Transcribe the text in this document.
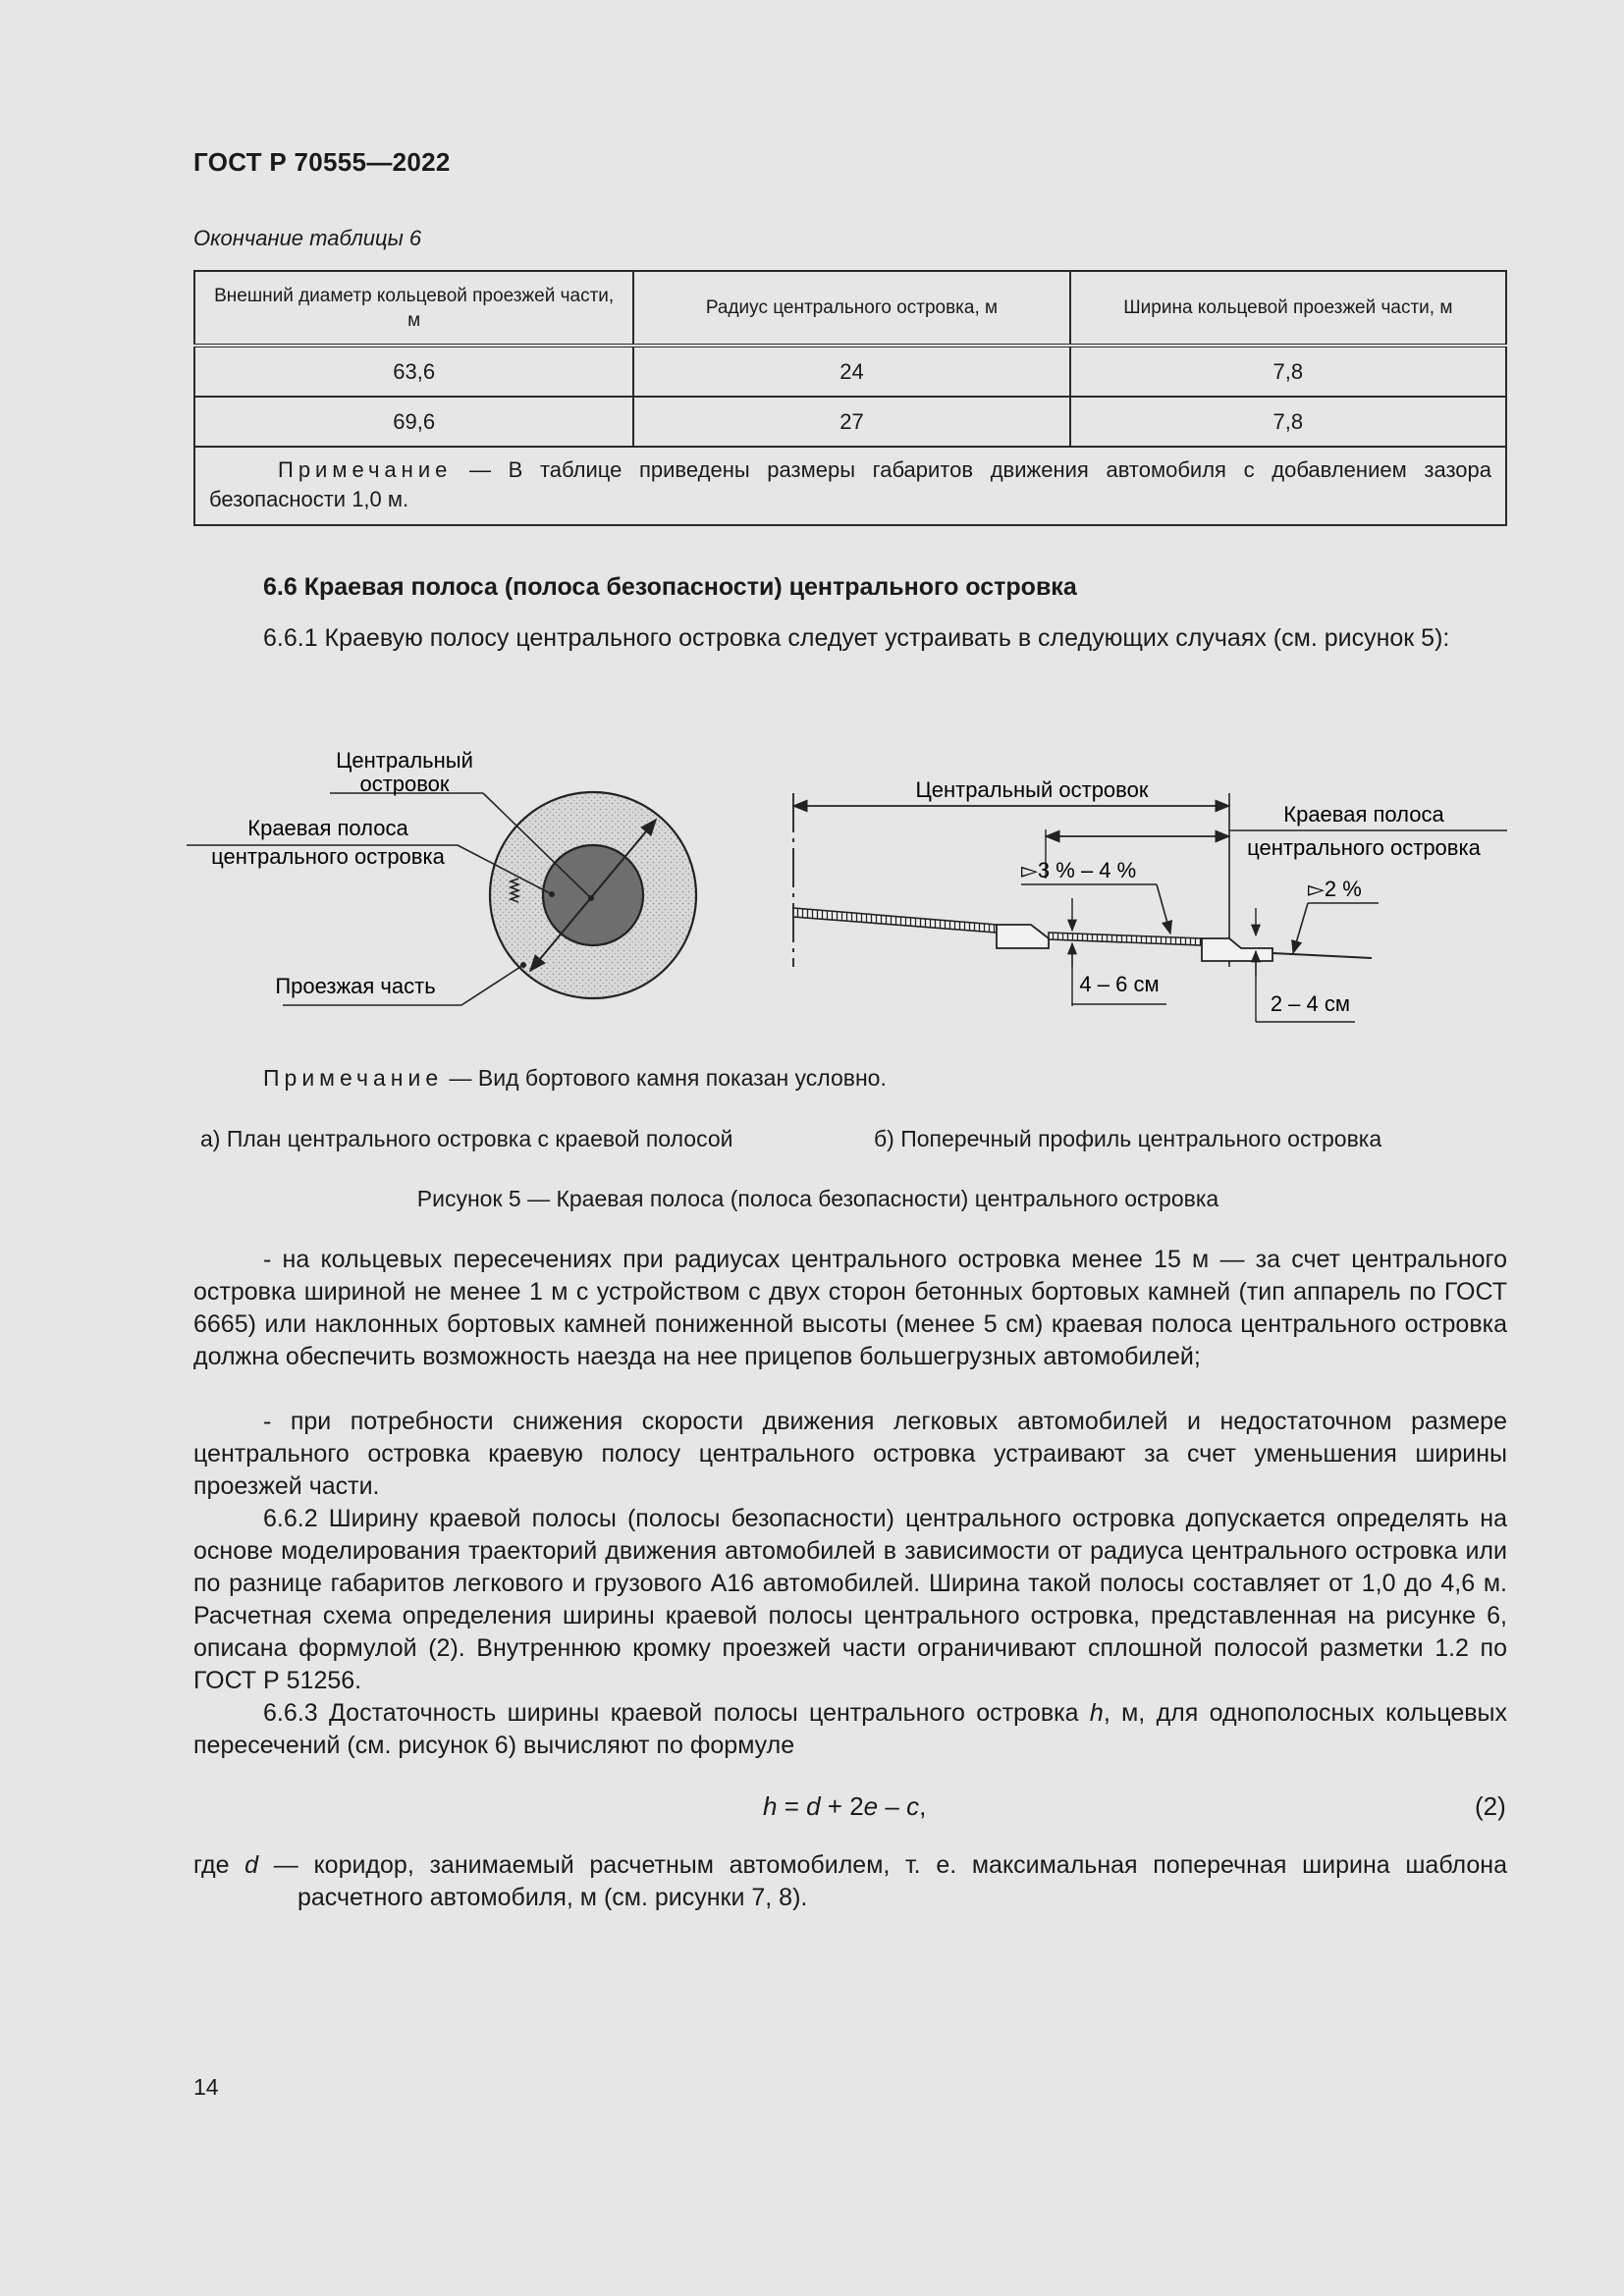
ГОСТ Р 70555—2022
Окончание таблицы 6
Внешний диаметр кольцевой проезжей части, м	Радиус центрального островка, м	Ширина кольцевой проезжей части, м
63,6	24	7,8
69,6	27	7,8
Примечание — В таблице приведены размеры габаритов движения автомобиля с добавлением зазора безопасности 1,0 м.		
6.6 Краевая полоса (полоса безопасности) центрального островка
6.6.1 Краевую полосу центрального островка следует устраивать в следующих случаях (см. рисунок 5):
Центральный
островок
Краевая полоса
центрального островка
Проезжая часть
Центральный островок
Краевая полоса
центрального островка
▻3 % – 4 %
▻2 %
4 – 6 см
2 – 4 см
Примечание — Вид бортового камня показан условно.
а) План центрального островка с краевой полосой	б) Поперечный профиль центрального островка
Рисунок 5 — Краевая полоса (полоса безопасности) центрального островка
- на кольцевых пересечениях при радиусах центрального островка менее 15 м — за счет центрального островка шириной не менее 1 м с устройством с двух сторон бетонных бортовых камней (тип аппарель по ГОСТ 6665) или наклонных бортовых камней пониженной высоты (менее 5 см) краевая полоса центрального островка должна обеспечить возможность наезда на нее прицепов большегрузных автомобилей;
- при потребности снижения скорости движения легковых автомобилей и недостаточном размере центрального островка краевую полосу центрального островка устраивают за счет уменьшения ширины проезжей части.
6.6.2 Ширину краевой полосы (полосы безопасности) центрального островка допускается определять на основе моделирования траекторий движения автомобилей в зависимости от радиуса центрального островка или по разнице габаритов легкового и грузового А16 автомобилей. Ширина такой полосы составляет от 1,0 до 4,6 м. Расчетная схема определения ширины краевой полосы центрального островка, представленная на рисунке 6, описана формулой (2). Внутреннюю кромку проезжей части ограничивают сплошной полосой разметки 1.2 по ГОСТ Р 51256.
6.6.3 Достаточность ширины краевой полосы центрального островка h, м, для однополосных кольцевых пересечений (см. рисунок 6) вычисляют по формуле
h = d + 2e – c,	(2)
где d — коридор, занимаемый расчетным автомобилем, т. е. максимальная поперечная ширина шаблона расчетного автомобиля, м (см. рисунки 7, 8).
14
